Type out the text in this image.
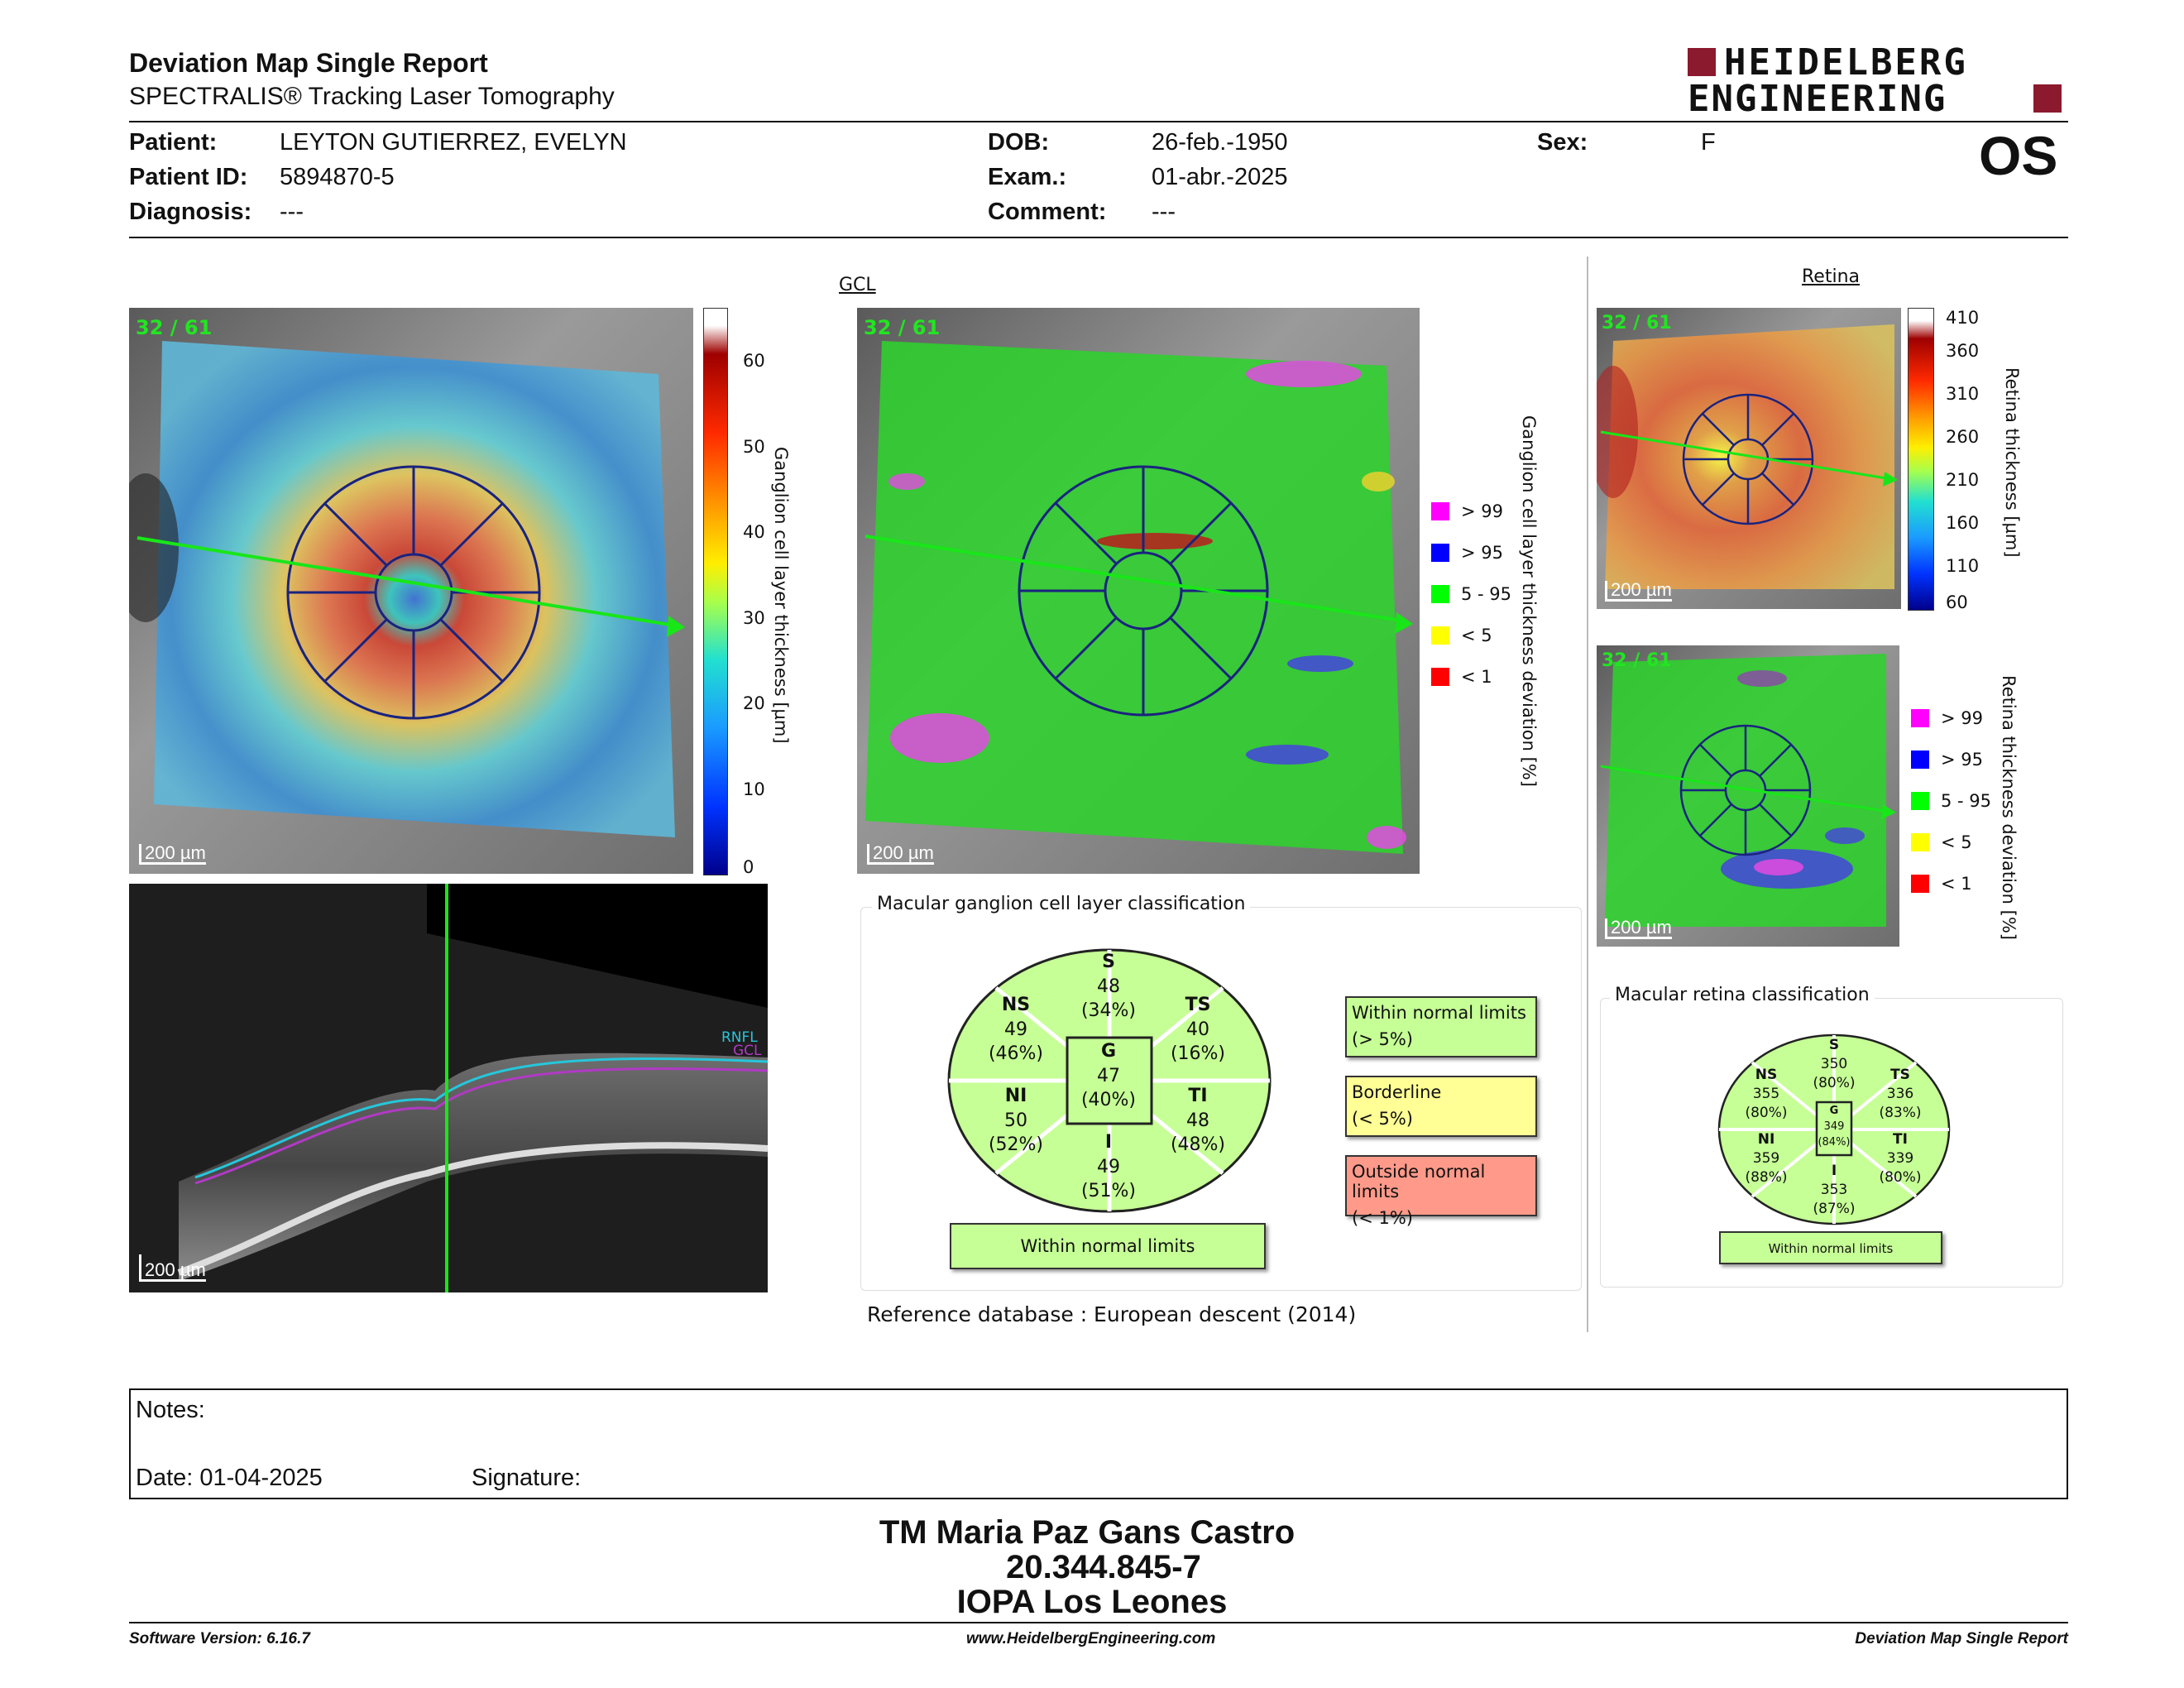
Deviation Map Single Report
SPECTRALIS® Tracking Laser Tomography
HEIDELBERG
ENGINEERING
Patient:	LEYTON GUTIERREZ, EVELYN
Patient ID: 5894870-5
Diagnosis: ---
DOB:	26-feb.-1950
Exam.:	01-abr.-2025
Comment: ---
Sex:	F	OS
32 / 61
200 µm
60
50
40
30
20
10
0
Ganglion cell layer thickness [µm]
RNFL
GCL
200 µm
GCL
32 / 61
200 µm
> 99
> 95
5 - 95
< 5
< 1 Ganglion cell layer thickness deviation [%]
Retina
32 / 61
200 µm
410
360
310
260
210
160
110
60
Retina thickness [µm]
32 / 61
200 µm
> 99
> 95
5 - 95
< 5
< 1 Retina thickness deviation [%]
Macular ganglion cell layer classification
S
48
(34%)
NS
49
(46%)
TS
40
(16%)
G
47
(40%)
NI
50
(52%)
TI
48
(48%)
I
49
(51%)
Within normal limits
Within normal limits
(> 5%)
Borderline
(< 5%)
Outside normal limits
(< 1%)
Reference database : European descent (2014)
Macular retina classification
S
350
(80%)
NS
355
(80%)
TS
336
(83%)
G
349
(84%)
NI
359
(88%)
TI
339
(80%)
I
353
(87%)
Within normal limits
Notes:
Date: 01-04-2025	Signature:
TM Maria Paz Gans Castro
20.344.845-7
IOPA Los Leones
Software Version: 6.16.7	www.HeidelbergEngineering.com	Deviation Map Single Report
